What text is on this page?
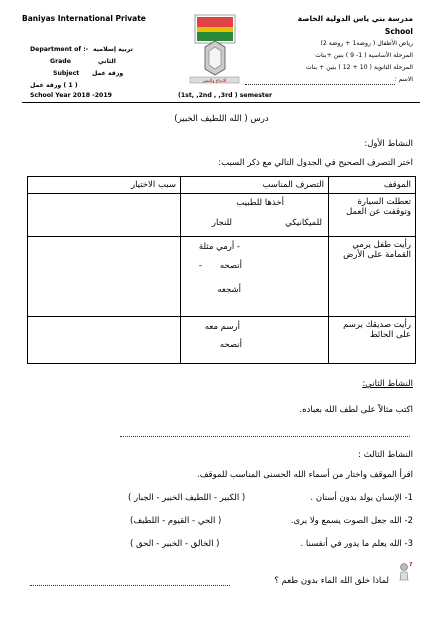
Baniyas International Private	مدرسة بني ياس الدولية الخاصة
School
رياض الأطفال ( روضة1 + روضة 2)
المرحلة الأساسية ( 1- 9 ) بنين +بنات
المرحلة الثانوية ( 10 + 12 ) بنين + بنات
الاسم :
Department of :- تربية إسلامية
Grade	الثاني
Subject ورقة عمل
( 1 ) ورقة عمل
School Year 2018 -2019	(1st, ,2nd , ,3rd ) semester
الابداع والتميز
درس ( الله اللطيف الخبير)
النشاط الأول:
اختر التصرف الصحيح في الجدول التالي مع ذكر السبب:
الموقف	التصرف المناسب	سبب الاختيار
تعطلت السيارة وتوقفت عن العمل	أخذها للطبيب
للميكانيكي
للنجار	

رأيت طفل يرمي القمامة على الأرض	- أرمي مثلة
أنصحه
-
أشجعه	

رأيت صديقك يرسم على الحائط	أرسم معه
أنصحه	

النشاط الثاني:
اكتب مثالاً على لطف الله بعباده.
النشاط الثالث :
اقرأ الموقف واختار من أسماء الله الحسنى المناسب للموقف.
1- الإنسان يولد بدون أسنان .
( الكبير - اللطيف الخبير - الجبار )
2- الله جعل الصوت يسمع ولا يرى.
( الحي - القيوم - اللطيف)
3- الله يعلم ما يدور في أنفسنا .
( الخالق - الخبير - الحق )
?
لماذا خلق الله الماء بدون طعم ؟
